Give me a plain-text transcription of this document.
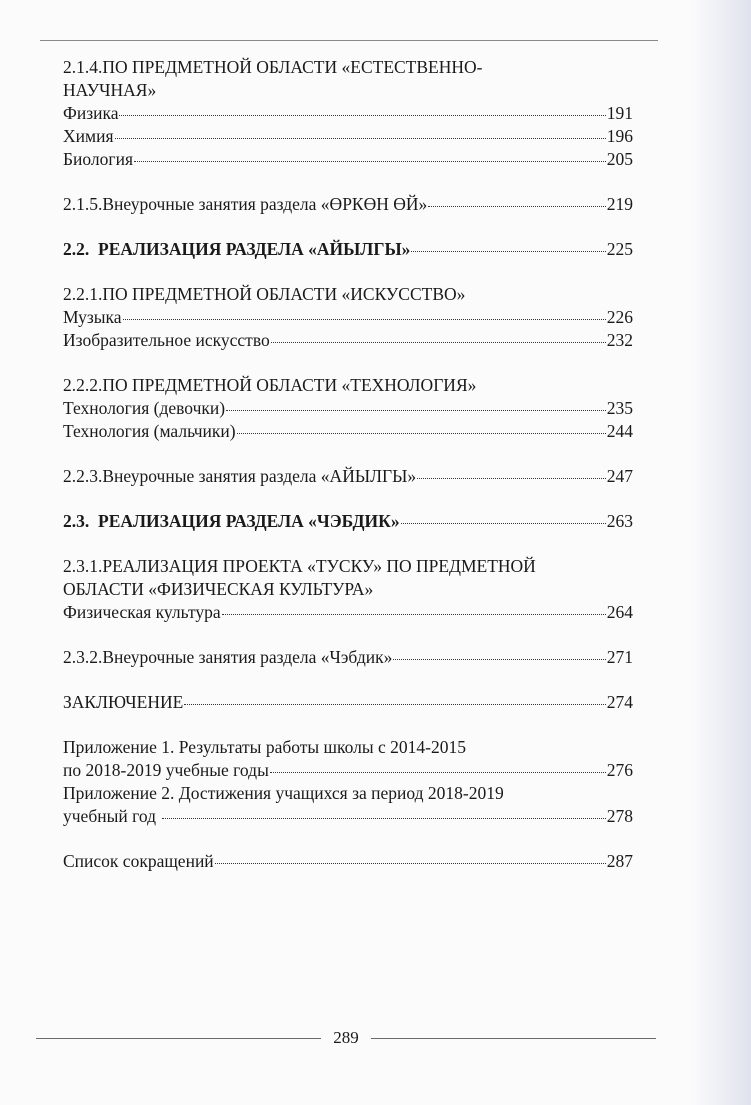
2.1.4.ПО ПРЕДМЕТНОЙ ОБЛАСТИ «ЕСТЕСТВЕННО-
НАУЧНАЯ»
Физика	191
Химия	196
Биология	205
2.1.5.Внеурочные занятия раздела «ӨРКӨН ӨЙ»	219
2.2.  РЕАЛИЗАЦИЯ РАЗДЕЛА «АЙЫЛГЫ»	225
2.2.1.ПО ПРЕДМЕТНОЙ ОБЛАСТИ «ИСКУССТВО»
Музыка	226
Изобразительное искусство	232
2.2.2.ПО ПРЕДМЕТНОЙ ОБЛАСТИ «ТЕХНОЛОГИЯ»
Технология (девочки)	235
Технология (мальчики)	244
2.2.3.Внеурочные занятия раздела «АЙЫЛГЫ»	247
2.3.  РЕАЛИЗАЦИЯ РАЗДЕЛА «ЧЭБДИК»	263
2.3.1.РЕАЛИЗАЦИЯ ПРОЕКТА «ТУСКУ» ПО ПРЕДМЕТНОЙ
ОБЛАСТИ «ФИЗИЧЕСКАЯ КУЛЬТУРА»
Физическая культура	264
2.3.2.Внеурочные занятия раздела «Чэбдик»	271
ЗАКЛЮЧЕНИЕ	274
Приложение 1. Результаты работы школы с 2014-2015
по 2018-2019 учебные годы	276
Приложение 2. Достижения учащихся за период 2018-2019
учебный год	278
Список сокращений	287
289
